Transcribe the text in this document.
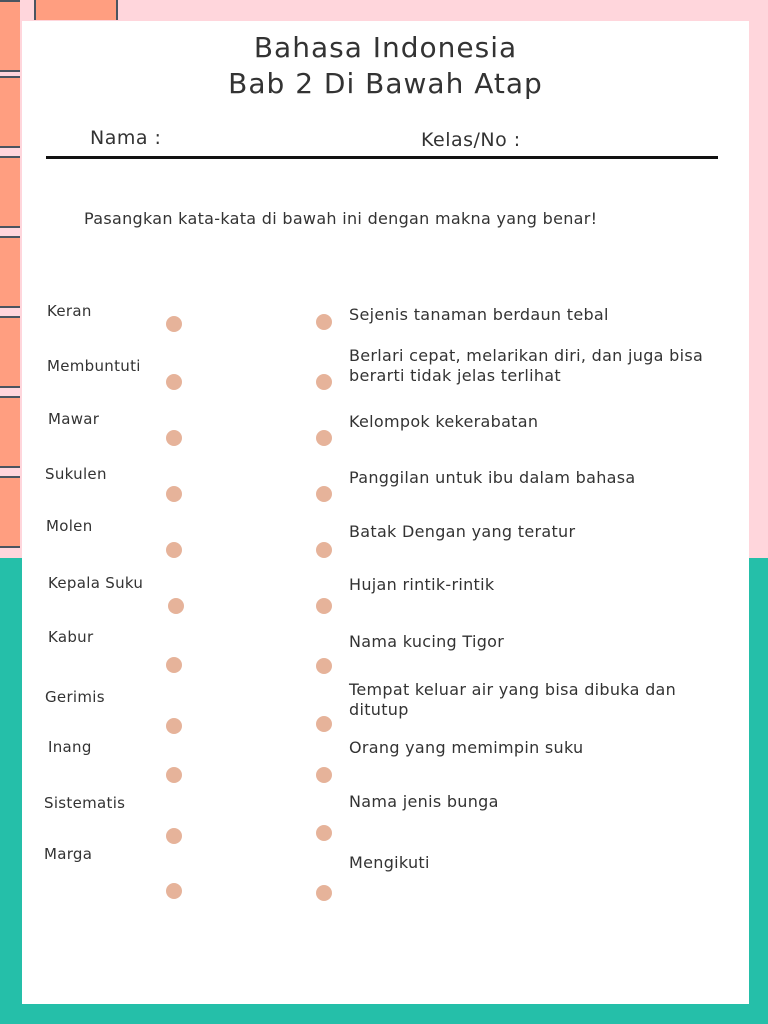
Bahasa Indonesia
Bab 2 Di Bawah Atap
Nama :	Kelas/No :
Pasangkan kata-kata di bawah ini dengan makna yang benar!
Keran
Membuntuti
Mawar
Sukulen
Molen
Kepala Suku
Kabur
Gerimis
Inang
Sistematis
Marga
Sejenis tanaman berdaun tebal
Berlari cepat, melarikan diri, dan juga bisa berarti tidak jelas terlihat
Kelompok kekerabatan
Panggilan untuk ibu dalam bahasa
Batak Dengan yang teratur
Hujan rintik-rintik
Nama kucing Tigor
Tempat keluar air yang bisa dibuka dan ditutup
Orang yang memimpin suku
Nama jenis bunga
Mengikuti
